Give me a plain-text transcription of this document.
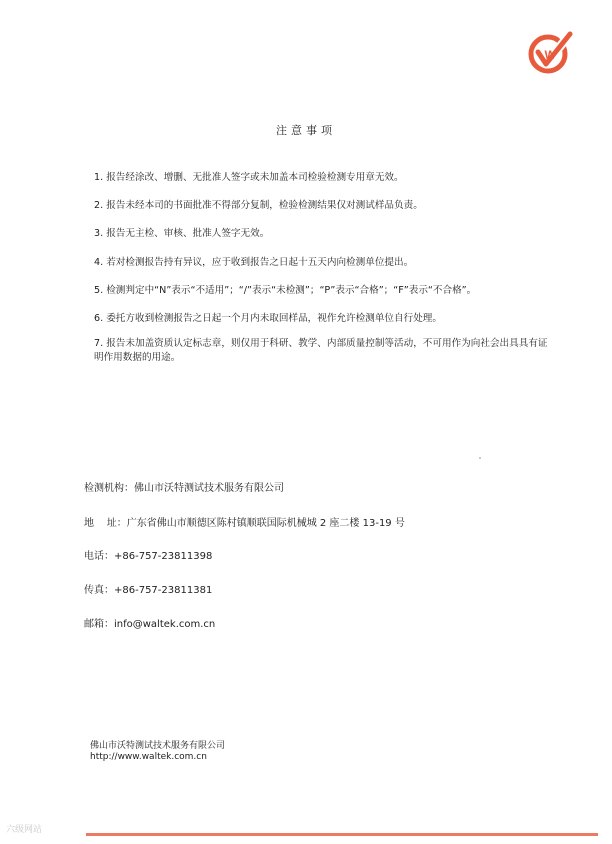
W
注意事项

1. 报告经涂改、增删、无批准人签字或未加盖本司检验检测专用章无效。

2. 报告未经本司的书面批准不得部分复制，检验检测结果仅对测试样品负责。

3. 报告无主检、审核、批准人签字无效。

4. 若对检测报告持有异议，应于收到报告之日起十五天内向检测单位提出。

5. 检测判定中“N”表示“不适用”；“/”表示“未检测”；“P”表示“合格”；“F”表示“不合格”。

6. 委托方收到检测报告之日起一个月内未取回样品，视作允许检测单位自行处理。

7. 报告未加盖资质认定标志章，则仅用于科研、教学、内部质量控制等活动，不可用作为向社会出具具有证明作用数据的用途。

检测机构：佛山市沃特测试技术服务有限公司
地    址：广东省佛山市顺德区陈村镇顺联国际机械城 2 座二楼 13-19 号
电话：+86-757-23811398
传真：+86-757-23811381
邮箱：info@waltek.com.cn
佛山市沃特测试技术服务有限公司
http://www.waltek.com.cn
六级网站
